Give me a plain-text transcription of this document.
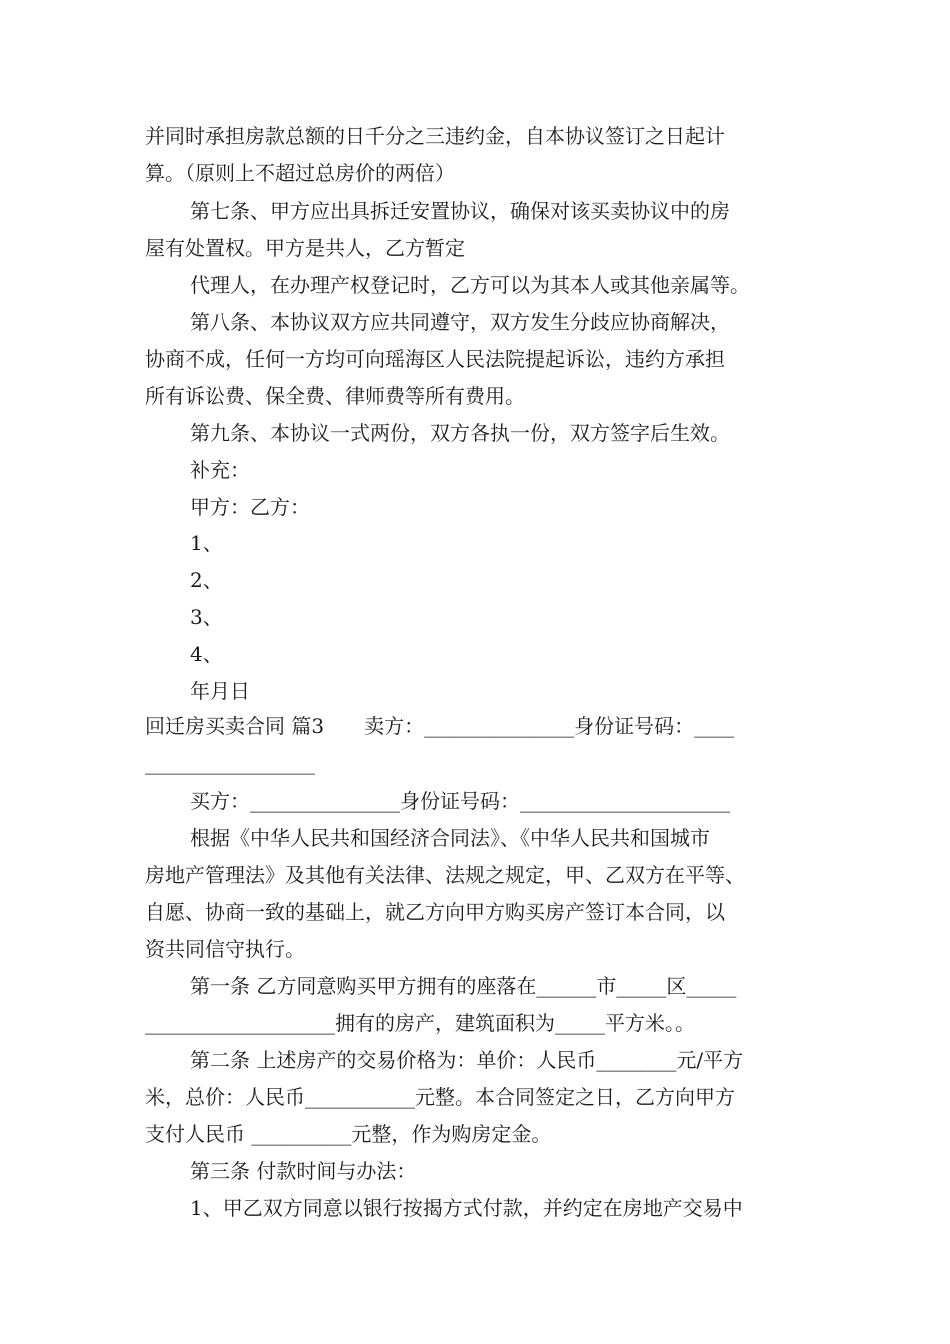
并同时承担房款总额的日千分之三违约金，自本协议签订之日起计
算。（原则上不超过总房价的两倍）
第七条、甲方应出具拆迁安置协议，确保对该买卖协议中的房
屋有处置权。甲方是共人，乙方暂定
代理人，在办理产权登记时，乙方可以为其本人或其他亲属等。
第八条、本协议双方应共同遵守，双方发生分歧应协商解决，
协商不成，任何一方均可向瑶海区人民法院提起诉讼，违约方承担
所有诉讼费、保全费、律师费等所有费用。
第九条、本协议一式两份，双方各执一份，双方签字后生效。
补充：
甲方：乙方：
1、
2、
3、
4、
年月日
回迁房买卖合同 篇3　　卖方：_______________身份证号码：____
_________________
买方：_______________身份证号码：_____________________
根据《中华人民共和国经济合同法》、《中华人民共和国城市
房地产管理法》及其他有关法律、法规之规定，甲、乙双方在平等、
自愿、协商一致的基础上，就乙方向甲方购买房产签订本合同，以
资共同信守执行。
第一条 乙方同意购买甲方拥有的座落在______市_____区_____
___________________拥有的房产，建筑面积为_____平方米。。
第二条 上述房产的交易价格为：单价：人民币________元/平方
米，总价：人民币___________元整。本合同签定之日，乙方向甲方
支付人民币 __________元整，作为购房定金。
第三条 付款时间与办法：
1、甲乙双方同意以银行按揭方式付款，并约定在房地产交易中
